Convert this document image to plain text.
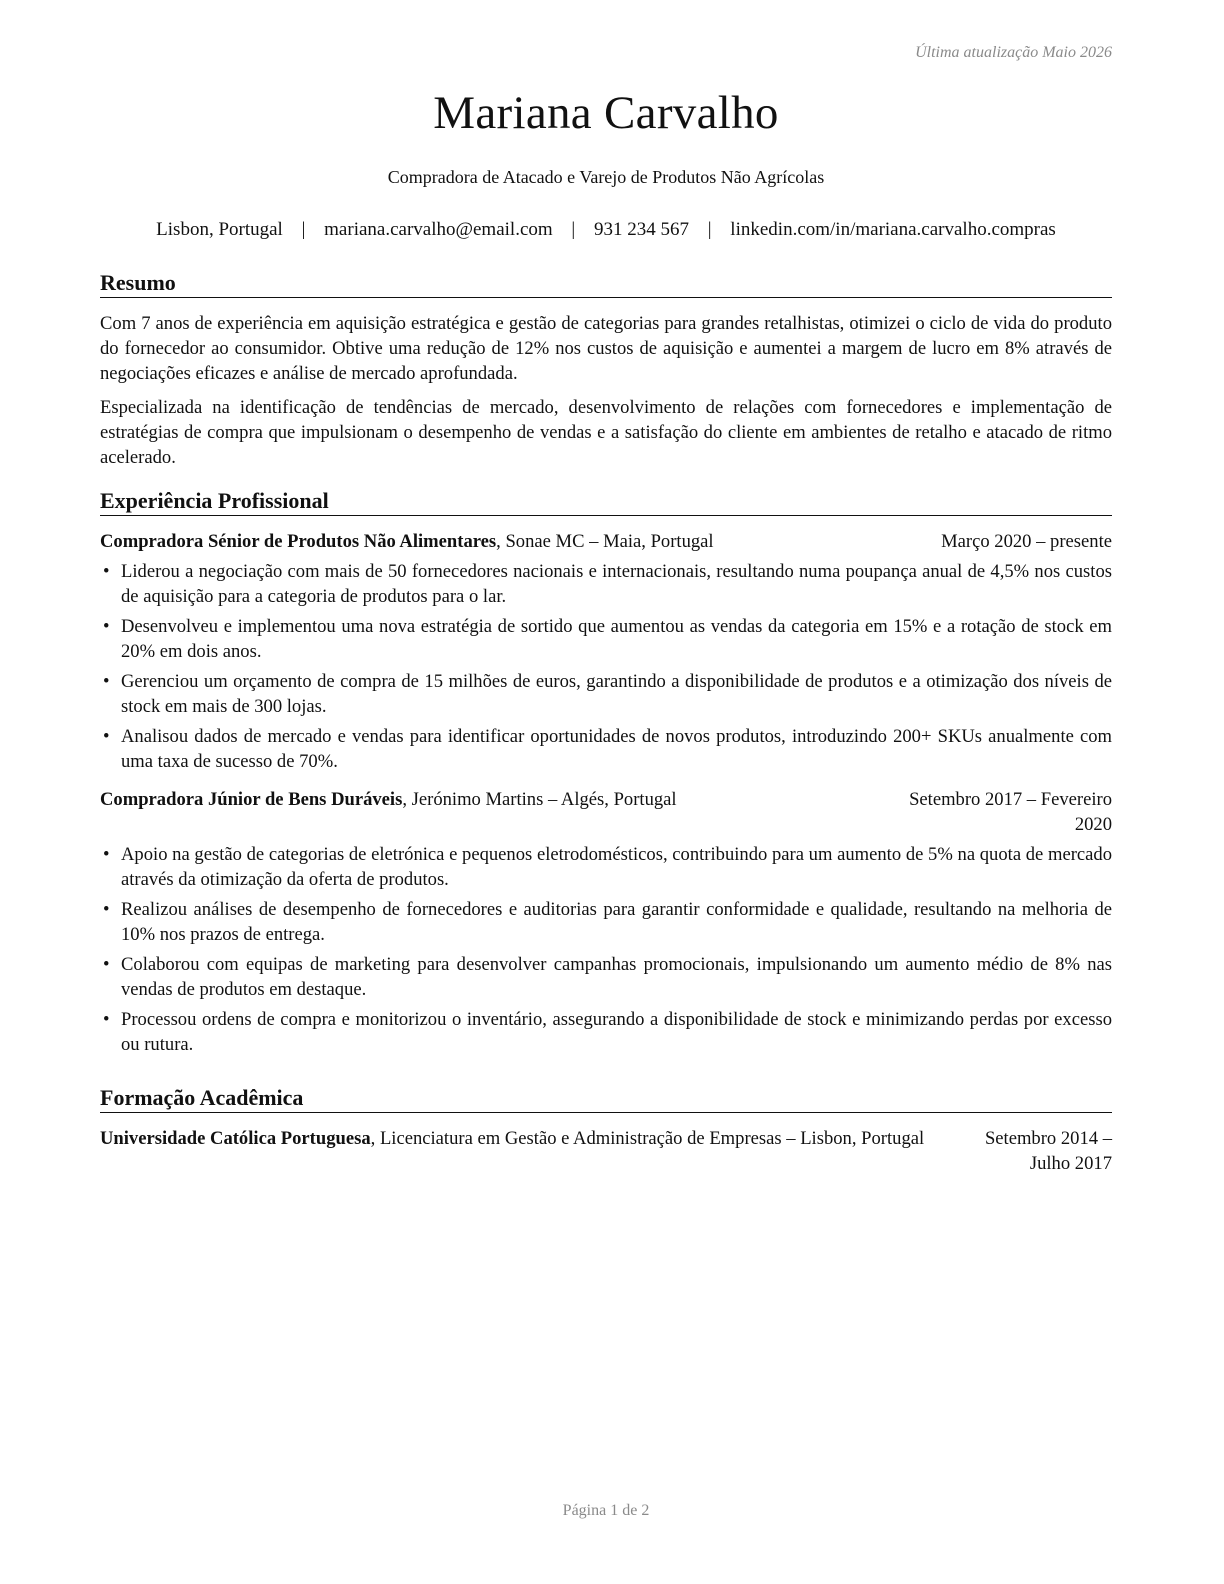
Última atualização Maio 2026
Mariana Carvalho
Compradora de Atacado e Varejo de Produtos Não Agrícolas
Lisbon, Portugal | mariana.carvalho@email.com | 931 234 567 | linkedin.com/in/mariana.carvalho.compras
Resumo

Com 7 anos de experiência em aquisição estratégica e gestão de categorias para grandes retalhistas, otimizei o ciclo de vida do produto do fornecedor ao consumidor. Obtive uma redução de 12% nos custos de aquisição e aumentei a margem de lucro em 8% através de negociações eficazes e análise de mercado aprofundada.

Especializada na identificação de tendências de mercado, desenvolvimento de relações com fornecedores e implementação de estratégias de compra que impulsionam o desempenho de vendas e a satisfação do cliente em ambientes de retalho e atacado de ritmo acelerado.

Experiência Profissional
Compradora Sénior de Produtos Não Alimentares, Sonae MC – Maia, Portugal	Março 2020 – presente
• Liderou a negociação com mais de 50 fornecedores nacionais e internacionais, resultando numa poupança anual de 4,5% nos custos de aquisição para a categoria de produtos para o lar.
• Desenvolveu e implementou uma nova estratégia de sortido que aumentou as vendas da categoria em 15% e a rotação de stock em 20% em dois anos.
• Gerenciou um orçamento de compra de 15 milhões de euros, garantindo a disponibilidade de produtos e a otimização dos níveis de stock em mais de 300 lojas.
• Analisou dados de mercado e vendas para identificar oportunidades de novos produtos, introduzindo 200+ SKUs anualmente com uma taxa de sucesso de 70%.
Compradora Júnior de Bens Duráveis, Jerónimo Martins – Algés, Portugal	Setembro 2017 – Fevereiro 2020
• Apoio na gestão de categorias de eletrónica e pequenos eletrodomésticos, contribuindo para um aumento de 5% na quota de mercado através da otimização da oferta de produtos.
• Realizou análises de desempenho de fornecedores e auditorias para garantir conformidade e qualidade, resultando na melhoria de 10% nos prazos de entrega.
• Colaborou com equipas de marketing para desenvolver campanhas promocionais, impulsionando um aumento médio de 8% nas vendas de produtos em destaque.
• Processou ordens de compra e monitorizou o inventário, assegurando a disponibilidade de stock e minimizando perdas por excesso ou rutura.
Formação Acadêmica
Universidade Católica Portuguesa, Licenciatura em Gestão e Administração de Empresas – Lisbon, Portugal	Setembro 2014 – Julho 2017
Página 1 de 2
